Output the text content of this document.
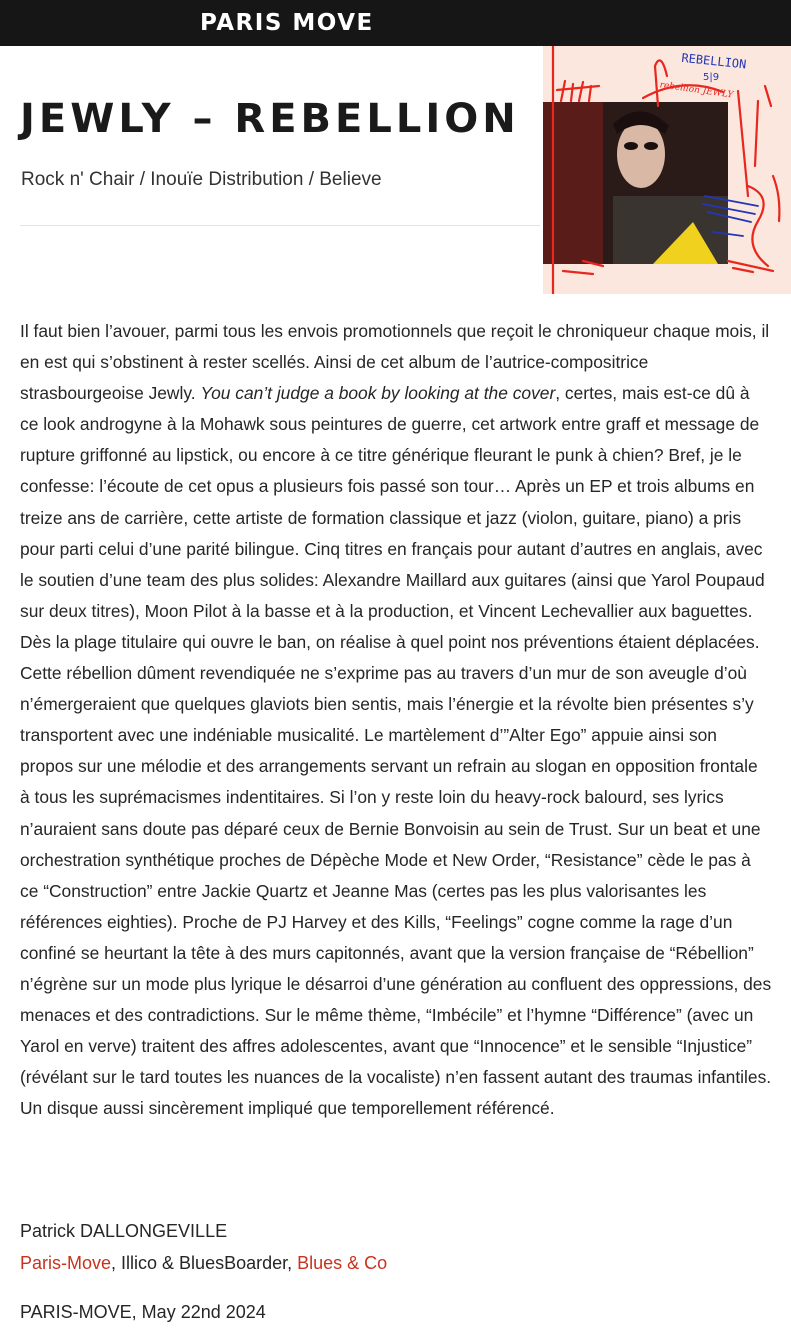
PARIS MOVE
JEWLY – REBELLION
Rock n' Chair / Inouïe Distribution / Believe
REBELLION
5|9
rebellion JEWLY

Il faut bien l’avouer, parmi tous les envois promotionnels que reçoit le chroniqueur chaque mois, il en est qui s’obstinent à rester scellés. Ainsi de cet album de l’autrice-compositrice strasbourgeoise Jewly. You can’t judge a book by looking at the cover, certes, mais est-ce dû à ce look androgyne à la Mohawk sous peintures de guerre, cet artwork entre graff et message de rupture griffonné au lipstick, ou encore à ce titre générique fleurant le punk à chien? Bref, je le confesse: l’écoute de cet opus a plusieurs fois passé son tour… Après un EP et trois albums en treize ans de carrière, cette artiste de formation classique et jazz (violon, guitare, piano) a pris pour parti celui d’une parité bilingue. Cinq titres en français pour autant d’autres en anglais, avec le soutien d’une team des plus solides: Alexandre Maillard aux guitares (ainsi que Yarol Poupaud sur deux titres), Moon Pilot à la basse et à la production, et Vincent Lechevallier aux baguettes. Dès la plage titulaire qui ouvre le ban, on réalise à quel point nos préventions étaient déplacées. Cette rébellion dûment revendiquée ne s’exprime pas au travers d’un mur de son aveugle d’où n’émergeraient que quelques glaviots bien sentis, mais l’énergie et la révolte bien présentes s’y transportent avec une indéniable musicalité. Le martèlement d’”Alter Ego” appuie ainsi son propos sur une mélodie et des arrangements servant un refrain au slogan en opposition frontale à tous les suprémacismes indentitaires. Si l’on y reste loin du heavy-rock balourd, ses lyrics n’auraient sans doute pas déparé ceux de Bernie Bonvoisin au sein de Trust. Sur un beat et une orchestration synthétique proches de Dépèche Mode et New Order, “Resistance” cède le pas à ce “Construction” entre Jackie Quartz et Jeanne Mas (certes pas les plus valorisantes les références eighties). Proche de PJ Harvey et des Kills, “Feelings” cogne comme la rage d’un confiné se heurtant la tête à des murs capitonnés, avant que la version française de “Rébellion” n’égrène sur un mode plus lyrique le désarroi d’une génération au confluent des oppressions, des menaces et des contradictions. Sur le même thème, “Imbécile” et l’hymne “Différence” (avec un Yarol en verve) traitent des affres adolescentes, avant que “Innocence” et le sensible “Injustice” (révélant sur le tard toutes les nuances de la vocaliste) n’en fassent autant des traumas infantiles. Un disque aussi sincèrement impliqué que temporellement référencé.

Patrick DALLONGEVILLE
Paris-Move, Illico & BluesBoarder, Blues & Co
PARIS-MOVE, May 22nd 2024
